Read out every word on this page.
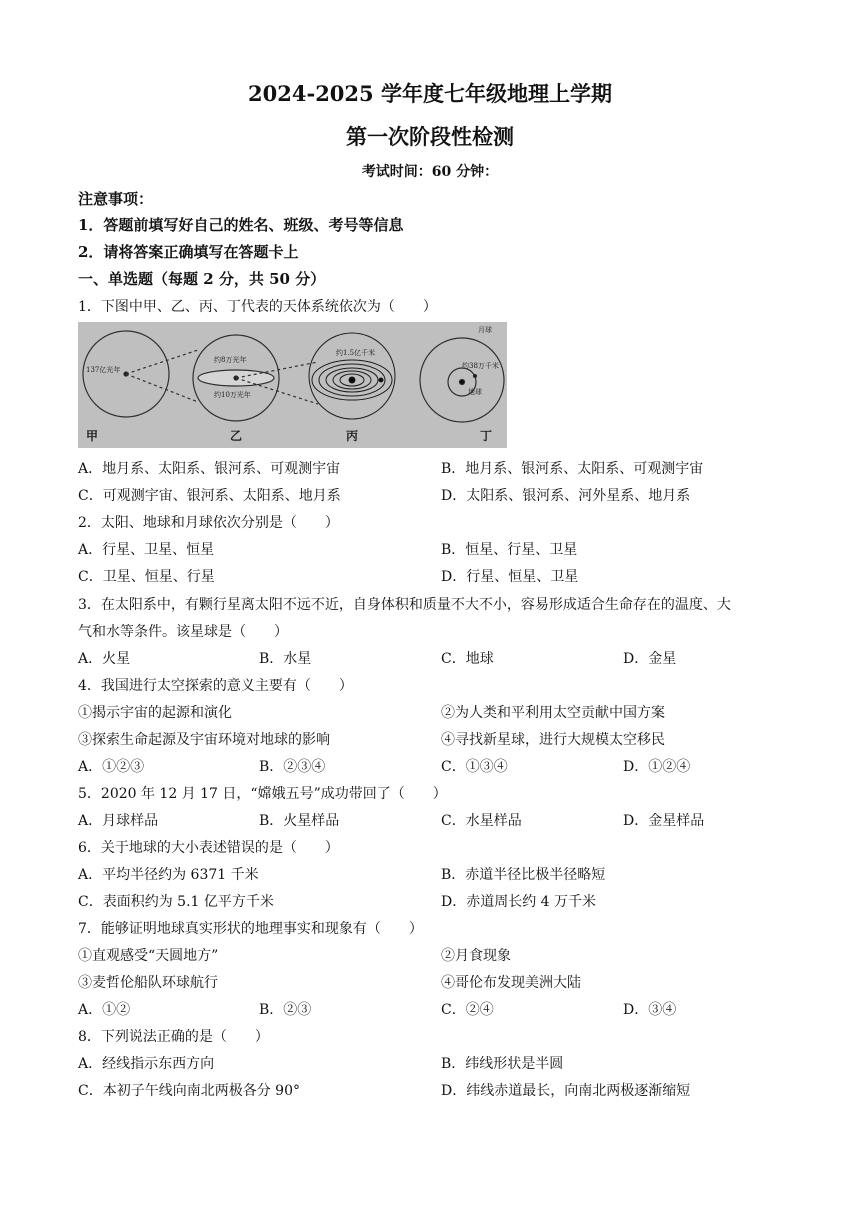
2024-2025 学年度七年级地理上学期
第一次阶段性检测
考试时间：60 分钟：
注意事项：
1．答题前填写好自己的姓名、班级、考号等信息
2．请将答案正确填写在答题卡上
一、单选题（每题 2 分，共 50 分）
1．下图中甲、乙、丙、丁代表的天体系统依次为（　　）
137亿光年
甲
约8万光年
约10万光年
乙
约1.5亿千米
丙
月球
约38万千米
地球
丁
A．地月系、太阳系、银河系、可观测宇宙	B．地月系、银河系、太阳系、可观测宇宙
C．可观测宇宙、银河系、太阳系、地月系	D．太阳系、银河系、河外星系、地月系
2．太阳、地球和月球依次分别是（　　）
A．行星、卫星、恒星	B．恒星、行星、卫星
C．卫星、恒星、行星	D．行星、恒星、卫星
3．在太阳系中，有颗行星离太阳不远不近，自身体积和质量不大不小，容易形成适合生命存在的温度、大
气和水等条件。该星球是（　　）
A．火星	B．水星	C．地球	D．金星
4．我国进行太空探索的意义主要有（　　）
①揭示宇宙的起源和演化	②为人类和平利用太空贡献中国方案
③探索生命起源及宇宙环境对地球的影响	④寻找新星球，进行大规模太空移民
A．①②③	B．②③④	C．①③④	D．①②④
5．2020 年 12 月 17 日，“嫦娥五号”成功带回了（　　）
A．月球样品	B．火星样品	C．水星样品	D．金星样品
6．关于地球的大小表述错误的是（　　）
A．平均半径约为 6371 千米	B．赤道半径比极半径略短
C．表面积约为 5.1 亿平方千米	D．赤道周长约 4 万千米
7．能够证明地球真实形状的地理事实和现象有（　　）
①直观感受“天圆地方”	②月食现象
③麦哲伦船队环球航行	④哥伦布发现美洲大陆
A．①②	B．②③	C．②④	D．③④
8．下列说法正确的是（　　）
A．经线指示东西方向	B．纬线形状是半圆
C．本初子午线向南北两极各分 90°	D．纬线赤道最长，向南北两极逐渐缩短
